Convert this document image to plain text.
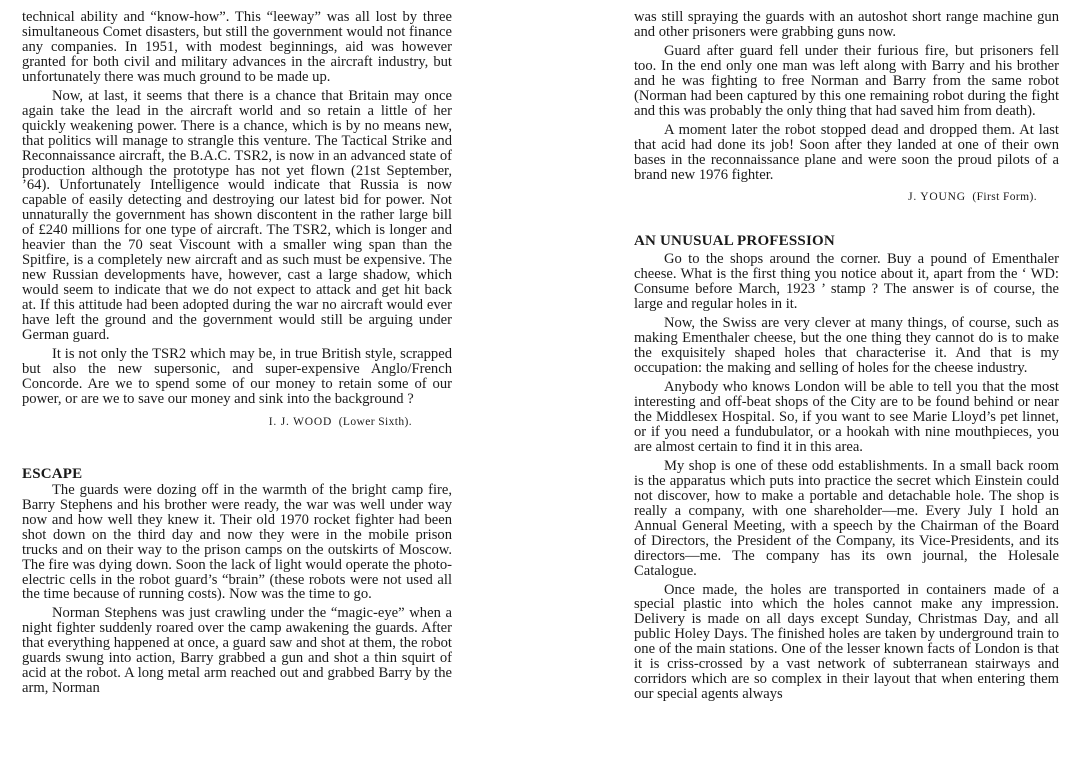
technical ability and “know-how”. This “leeway” was all lost by three simultaneous Comet disasters, but still the government would not finance any companies. In 1951, with modest beginnings, aid was however granted for both civil and military advances in the aircraft industry, but unfortunately there was much ground to be made up.

Now, at last, it seems that there is a chance that Britain may once again take the lead in the aircraft world and so retain a little of her quickly weakening power. There is a chance, which is by no means new, that politics will manage to strangle this venture. The Tactical Strike and Reconnaissance aircraft, the B.A.C. TSR2, is now in an advanced state of production although the prototype has not yet flown (21st September, ’64). Unfortunately Intelligence would indicate that Russia is now capable of easily detecting and destroying our latest bid for power. Not unnaturally the government has shown discontent in the rather large bill of £240 millions for one type of aircraft. The TSR2, which is longer and heavier than the 70 seat Viscount with a smaller wing span than the Spitfire, is a completely new aircraft and as such must be expensive. The new Russian developments have, however, cast a large shadow, which would seem to indicate that we do not expect to attack and get hit back at. If this attitude had been adopted during the war no aircraft would ever have left the ground and the government would still be arguing under German guard.

It is not only the TSR2 which may be, in true British style, scrapped but also the new supersonic, and super-expensive Anglo/French Concorde. Are we to spend some of our money to retain some of our power, or are we to save our money and sink into the background ?

I. J. WOOD (Lower Sixth).
ESCAPE

The guards were dozing off in the warmth of the bright camp fire, Barry Stephens and his brother were ready, the war was well under way now and how well they knew it. Their old 1970 rocket fighter had been shot down on the third day and now they were in the mobile prison trucks and on their way to the prison camps on the outskirts of Moscow. The fire was dying down. Soon the lack of light would operate the photo-electric cells in the robot guard’s “brain” (these robots were not used all the time because of running costs). Now was the time to go.

Norman Stephens was just crawling under the “magic-eye” when a night fighter suddenly roared over the camp awakening the guards. After that everything happened at once, a guard saw and shot at them, the robot guards swung into action, Barry grabbed a gun and shot a thin squirt of acid at the robot. A long metal arm reached out and grabbed Barry by the arm, Norman

was still spraying the guards with an autoshot short range machine gun and other prisoners were grabbing guns now.

Guard after guard fell under their furious fire, but prisoners fell too. In the end only one man was left along with Barry and his brother and he was fighting to free Norman and Barry from the same robot (Norman had been captured by this one remaining robot during the fight and this was probably the only thing that had saved him from death).

A moment later the robot stopped dead and dropped them. At last that acid had done its job! Soon after they landed at one of their own bases in the reconnaissance plane and were soon the proud pilots of a brand new 1976 fighter.

J. YOUNG (First Form).
AN UNUSUAL PROFESSION

Go to the shops around the corner. Buy a pound of Ementhaler cheese. What is the first thing you notice about it, apart from the ‘ WD: Consume before March, 1923 ’ stamp ? The answer is of course, the large and regular holes in it.

Now, the Swiss are very clever at many things, of course, such as making Ementhaler cheese, but the one thing they cannot do is to make the exquisitely shaped holes that characterise it. And that is my occupation: the making and selling of holes for the cheese industry.

Anybody who knows London will be able to tell you that the most interesting and off-beat shops of the City are to be found behind or near the Middlesex Hospital. So, if you want to see Marie Lloyd’s pet linnet, or if you need a fundubulator, or a hookah with nine mouthpieces, you are almost certain to find it in this area.

My shop is one of these odd establishments. In a small back room is the apparatus which puts into practice the secret which Einstein could not discover, how to make a portable and detachable hole. The shop is really a company, with one shareholder—me. Every July I hold an Annual General Meeting, with a speech by the Chairman of the Board of Directors, the President of the Company, its Vice-Presidents, and its directors—me. The company has its own journal, the Holesale Catalogue.

Once made, the holes are transported in containers made of a special plastic into which the holes cannot make any impression. Delivery is made on all days except Sunday, Christmas Day, and all public Holey Days. The finished holes are taken by underground train to one of the main stations. One of the lesser known facts of London is that it is criss-crossed by a vast network of subterranean stairways and corridors which are so complex in their layout that when entering them our special agents always
